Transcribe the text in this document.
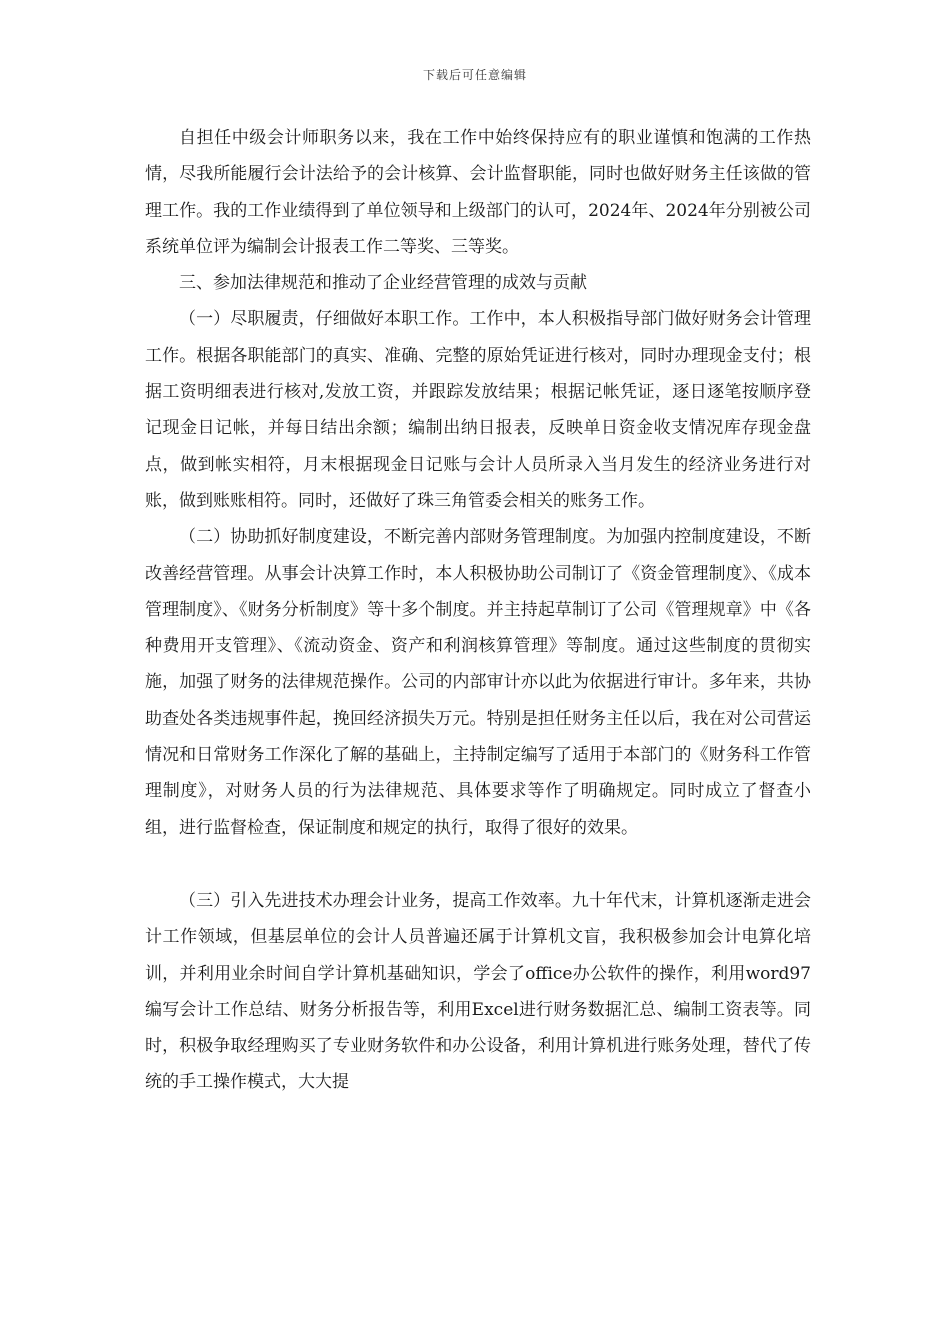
下载后可任意编辑

自担任中级会计师职务以来，我在工作中始终保持应有的职业谨慎和饱满的工作热情，尽我所能履行会计法给予的会计核算、会计监督职能，同时也做好财务主任该做的管理工作。我的工作业绩得到了单位领导和上级部门的认可，2024年、2024年分别被公司系统单位评为编制会计报表工作二等奖、三等奖。

三、参加法律规范和推动了企业经营管理的成效与贡献

（一）尽职履责，仔细做好本职工作。工作中，本人积极指导部门做好财务会计管理工作。根据各职能部门的真实、准确、完整的原始凭证进行核对，同时办理现金支付；根据工资明细表进行核对,发放工资，并跟踪发放结果；根据记帐凭证，逐日逐笔按顺序登记现金日记帐，并每日结出余额；编制出纳日报表，反映单日资金收支情况库存现金盘点，做到帐实相符，月末根据现金日记账与会计人员所录入当月发生的经济业务进行对账，做到账账相符。同时，还做好了珠三角管委会相关的账务工作。

（二）协助抓好制度建设，不断完善内部财务管理制度。为加强内控制度建设，不断改善经营管理。从事会计决算工作时，本人积极协助公司制订了《资金管理制度》、《成本管理制度》、《财务分析制度》等十多个制度。并主持起草制订了公司《管理规章》中《各种费用开支管理》、《流动资金、资产和利润核算管理》等制度。通过这些制度的贯彻实施，加强了财务的法律规范操作。公司的内部审计亦以此为依据进行审计。多年来，共协助查处各类违规事件起，挽回经济损失万元。特别是担任财务主任以后，我在对公司营运情况和日常财务工作深化了解的基础上，主持制定编写了适用于本部门的《财务科工作管理制度》，对财务人员的行为法律规范、具体要求等作了明确规定。同时成立了督查小组，进行监督检查，保证制度和规定的执行，取得了很好的效果。

（三）引入先进技术办理会计业务，提高工作效率。九十年代末，计算机逐渐走进会计工作领域，但基层单位的会计人员普遍还属于计算机文盲，我积极参加会计电算化培训，并利用业余时间自学计算机基础知识，学会了office办公软件的操作，利用word97编写会计工作总结、财务分析报告等，利用Excel进行财务数据汇总、编制工资表等。同时，积极争取经理购买了专业财务软件和办公设备，利用计算机进行账务处理，替代了传统的手工操作模式，大大提
